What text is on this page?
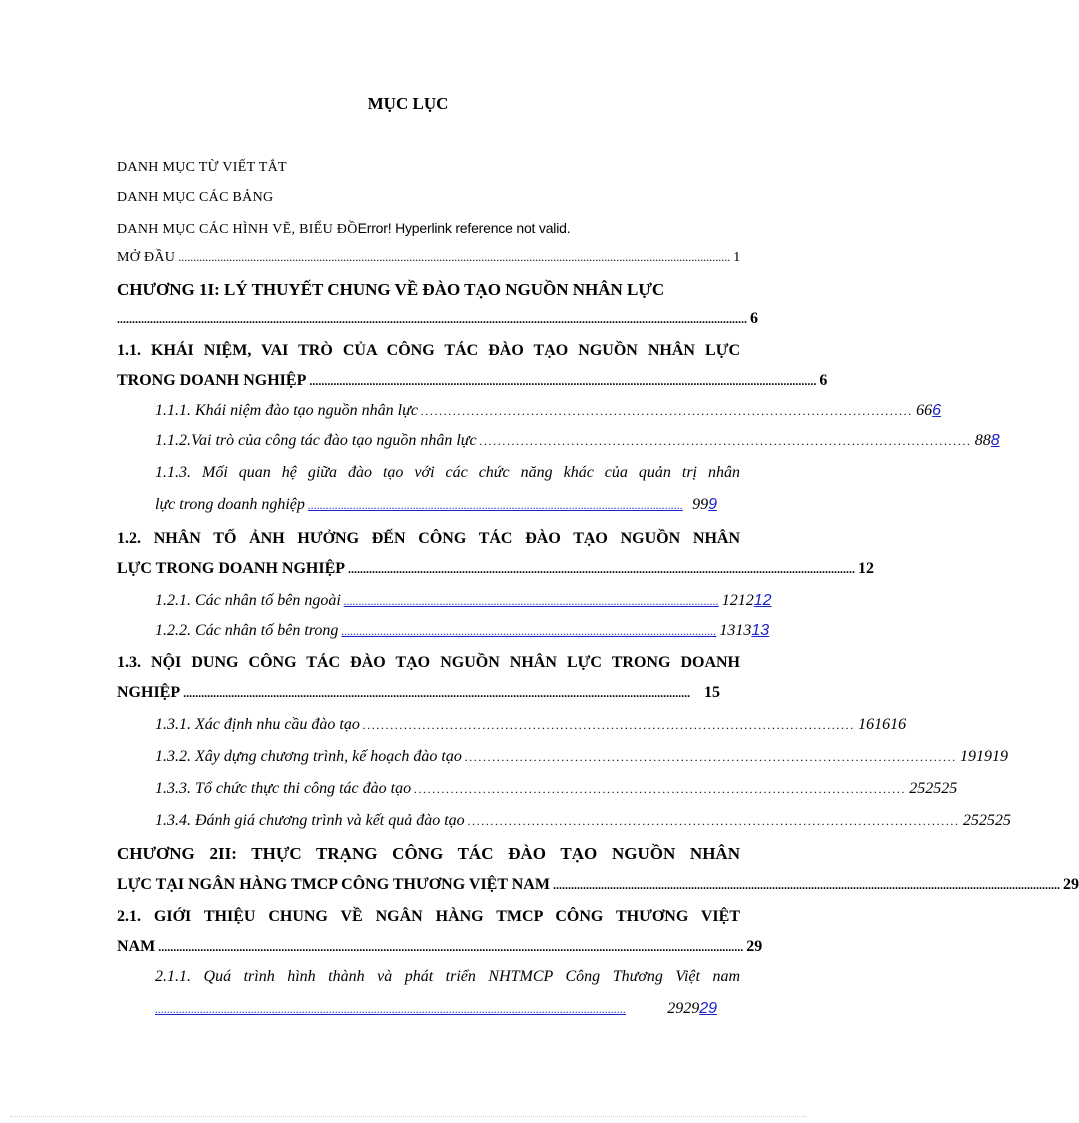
MỤC LỤC
DANH MỤC TỪ VIẾT TẮT
DANH MỤC CÁC BẢNG
DANH MỤC CÁC HÌNH VẼ, BIỂU ĐỒ Error! Hyperlink reference not valid.
MỞ ĐẦU ........................................................................................................................................................................................ 1
CHƯƠNG 1I: LÝ THUYẾT CHUNG VỀ ĐÀO TẠO NGUỒN NHÂN LỰC
.................................................................................................................................................................................................................. 6
1.1. KHÁI NIỆM, VAI TRÒ CỦA CÔNG TÁC ĐÀO TẠO NGUỒN NHÂN LỰC
TRONG DOANH NGHIỆP ......................................................................................................................................................................... 6
1.1.1. Khái niệm đào tạo nguồn nhân lực ........................................................................................................... 66 6
1.1.2.Vai trò của công tác đào tạo nguồn nhân lực ........................................................................................................... 88 8
1.1.3. Mối quan hệ giữa đào tạo với các chức năng khác của quản trị nhân
lực trong doanh nghiệp ............................................................................................................................. 99 9
1.2. NHÂN TỐ ẢNH HƯỞNG ĐẾN CÔNG TÁC ĐÀO TẠO NGUỒN NHÂN
LỰC TRONG DOANH NGHIỆP ......................................................................................................................................................................... 12
1.2.1. Các nhân tố bên ngoài ............................................................................................................................. 1212 12
1.2.2. Các nhân tố bên trong ............................................................................................................................. 1313 13
1.3. NỘI DUNG CÔNG TÁC ĐÀO TẠO NGUỒN NHÂN LỰC TRONG DOANH
NGHIỆP ......................................................................................................................................................................... 15
1.3.1. Xác định nhu cầu đào tạo ........................................................................................................... 161616
1.3.2. Xây dựng chương trình, kế hoạch đào tạo ........................................................................................................... 191919
1.3.3. Tổ chức thực thi công tác đào tạo ........................................................................................................... 252525
1.3.4. Đánh giá chương trình và kết quả đào tạo ........................................................................................................... 252525
CHƯƠNG 2II: THỰC TRẠNG CÔNG TÁC ĐÀO TẠO NGUỒN NHÂN
LỰC TẠI NGÂN HÀNG TMCP CÔNG THƯƠNG VIỆT NAM ......................................................................................................................................................................... 29
2.1. GIỚI THIỆU CHUNG VỀ NGÂN HÀNG TMCP CÔNG THƯƠNG VIỆT
NAM ................................................................................................................................................................................................... 29
2.1.1. Quá trình hình thành và phát triển NHTMCP Công Thương Việt nam
.............................................................................................................................................................	2929 29
